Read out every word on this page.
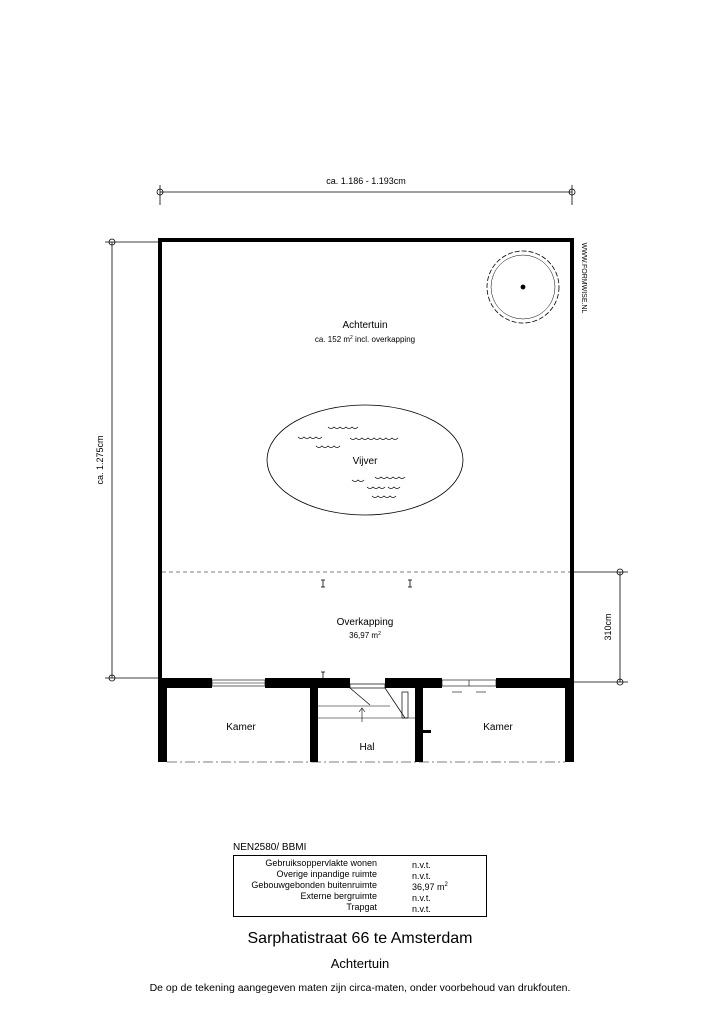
ca. 1.186 - 1.193cm
ca. 1.275cm
310cm
WWW.FORMWISE.NL
Achtertuin
ca. 152 $m^2$ incl. overkapping
Vijver
Overkapping
36,97 $m^2$
Kamer	Kamer
Hal
NEN2580/ BBMI
Gebruiksoppervlakte wonen	n.v.t.
Overige inpandige ruimte	n.v.t.
Gebouwgebonden buitenruimte	36,97 $m^2$
Externe bergruimte	n.v.t.
Trapgat	n.v.t.
Sarphatistraat 66 te Amsterdam
Achtertuin
De op de tekening aangegeven maten zijn circa-maten, onder voorbehoud van drukfouten.
